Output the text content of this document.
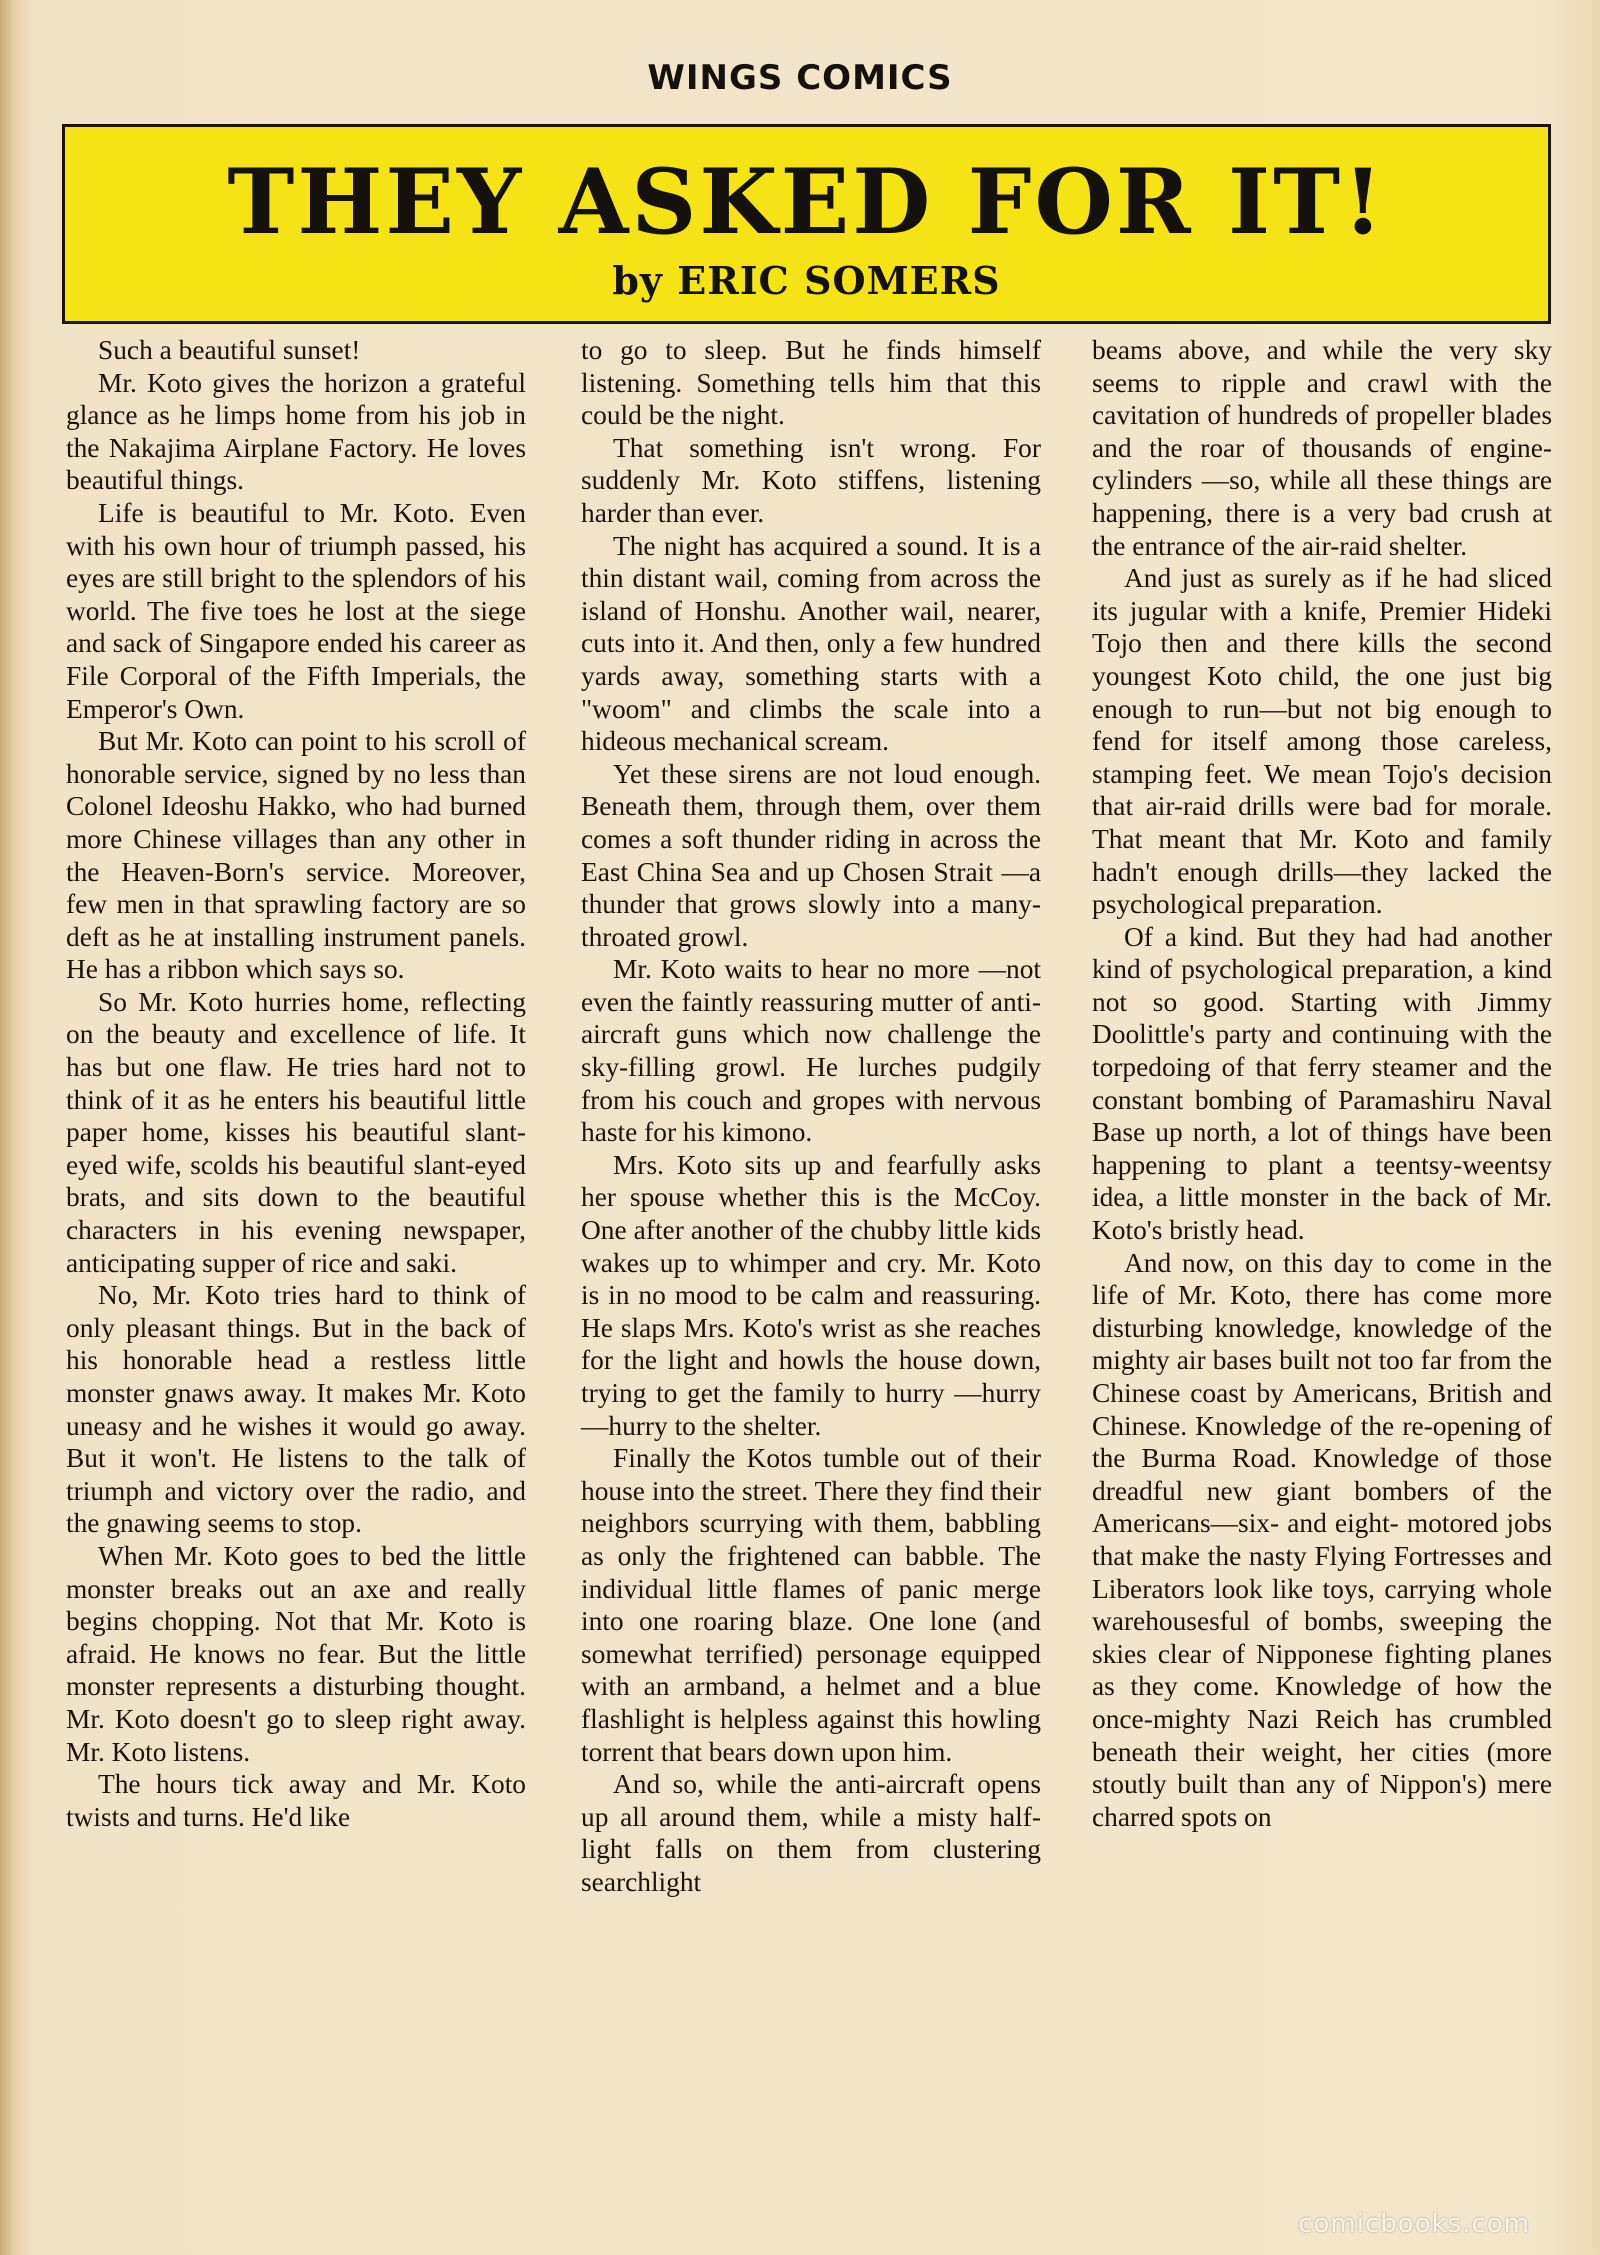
WINGS COMICS
THEY ASKED FOR IT!
by ERIC SOMERS

Such a beautiful sunset!

Mr. Koto gives the horizon a grateful glance as he limps home from his job in the Nakajima Airplane Factory. He loves beautiful things.

Life is beautiful to Mr. Koto. Even with his own hour of triumph passed, his eyes are still bright to the splendors of his world. The five toes he lost at the siege and sack of Singapore ended his career as File Corporal of the Fifth Imperials, the Emperor's Own.

But Mr. Koto can point to his scroll of honorable service, signed by no less than Colonel Ideoshu Hakko, who had burned more Chinese villages than any other in the Heaven-Born's service. Moreover, few men in that sprawling factory are so deft as he at installing instrument panels. He has a ribbon which says so.

So Mr. Koto hurries home, reflecting on the beauty and excellence of life. It has but one flaw. He tries hard not to think of it as he enters his beautiful little paper home, kisses his beautiful slant-eyed wife, scolds his beautiful slant-eyed brats, and sits down to the beautiful characters in his evening newspaper, anticipating supper of rice and saki.

No, Mr. Koto tries hard to think of only pleasant things. But in the back of his honorable head a restless little monster gnaws away. It makes Mr. Koto uneasy and he wishes it would go away. But it won't. He listens to the talk of triumph and victory over the radio, and the gnawing seems to stop.

When Mr. Koto goes to bed the little monster breaks out an axe and really begins chopping. Not that Mr. Koto is afraid. He knows no fear. But the little monster represents a disturbing thought. Mr. Koto doesn't go to sleep right away. Mr. Koto listens.

The hours tick away and Mr. Koto twists and turns. He'd like

to go to sleep. But he finds himself listening. Something tells him that this could be the night.

That something isn't wrong. For suddenly Mr. Koto stiffens, listening harder than ever.

The night has acquired a sound. It is a thin distant wail, coming from across the island of Honshu. Another wail, nearer, cuts into it. And then, only a few hundred yards away, something starts with a "woom" and climbs the scale into a hideous mechanical scream.

Yet these sirens are not loud enough. Beneath them, through them, over them comes a soft thunder riding in across the East China Sea and up Chosen Strait —a thunder that grows slowly into a many-throated growl.

Mr. Koto waits to hear no more —not even the faintly reassuring mutter of anti-aircraft guns which now challenge the sky-filling growl. He lurches pudgily from his couch and gropes with nervous haste for his kimono.

Mrs. Koto sits up and fearfully asks her spouse whether this is the McCoy. One after another of the chubby little kids wakes up to whimper and cry. Mr. Koto is in no mood to be calm and reassuring. He slaps Mrs. Koto's wrist as she reaches for the light and howls the house down, trying to get the family to hurry —hurry—hurry to the shelter.

Finally the Kotos tumble out of their house into the street. There they find their neighbors scurrying with them, babbling as only the frightened can babble. The individual little flames of panic merge into one roaring blaze. One lone (and somewhat terrified) personage equipped with an armband, a helmet and a blue flashlight is helpless against this howling torrent that bears down upon him.

And so, while the anti-aircraft opens up all around them, while a misty half-light falls on them from clustering searchlight

beams above, and while the very sky seems to ripple and crawl with the cavitation of hundreds of propeller blades and the roar of thousands of engine-cylinders —so, while all these things are happening, there is a very bad crush at the entrance of the air-raid shelter.

And just as surely as if he had sliced its jugular with a knife, Premier Hideki Tojo then and there kills the second youngest Koto child, the one just big enough to run—but not big enough to fend for itself among those careless, stamping feet. We mean Tojo's decision that air-raid drills were bad for morale. That meant that Mr. Koto and family hadn't enough drills—they lacked the psychological preparation.

Of a kind. But they had had another kind of psychological preparation, a kind not so good. Starting with Jimmy Doolittle's party and continuing with the torpedoing of that ferry steamer and the constant bombing of Paramashiru Naval Base up north, a lot of things have been happening to plant a teentsy-weentsy idea, a little monster in the back of Mr. Koto's bristly head.

And now, on this day to come in the life of Mr. Koto, there has come more disturbing knowledge, knowledge of the mighty air bases built not too far from the Chinese coast by Americans, British and Chinese. Knowledge of the re-opening of the Burma Road. Knowledge of those dreadful new giant bombers of the Americans—six- and eight- motored jobs that make the nasty Flying Fortresses and Liberators look like toys, carrying whole warehousesful of bombs, sweeping the skies clear of Nipponese fighting planes as they come. Knowledge of how the once-mighty Nazi Reich has crumbled beneath their weight, her cities (more stoutly built than any of Nippon's) mere charred spots on

comicbooks.com
